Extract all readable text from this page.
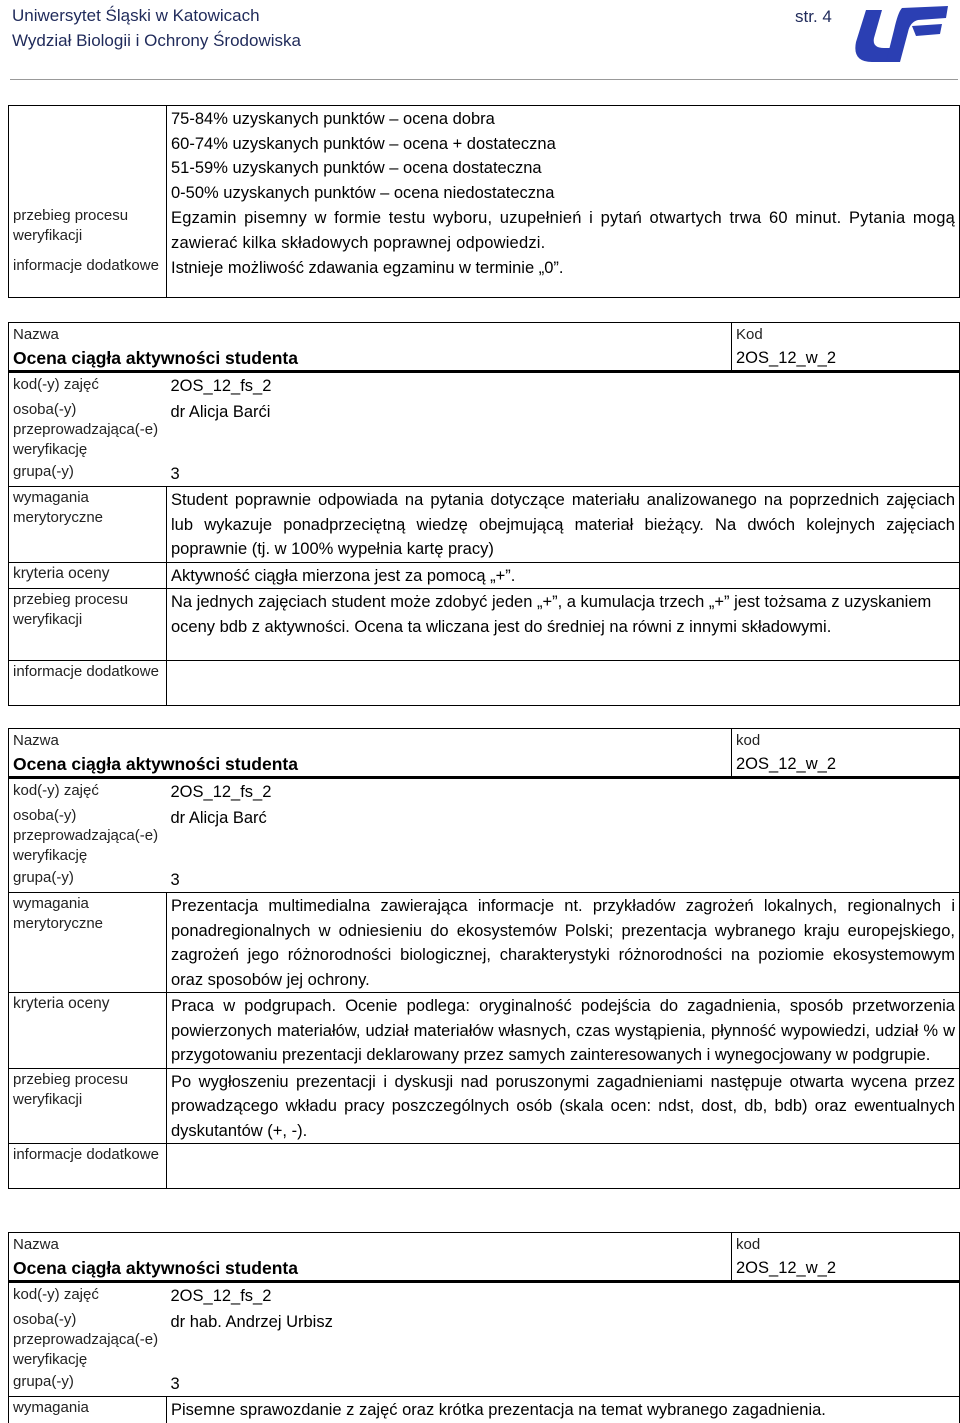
Uniwersytet Śląski w Katowicach
Wydział Biologii i Ochrony Środowiska
str. 4

	75-84% uzyskanych punktów – ocena dobra
60-74% uzyskanych punktów – ocena + dostateczna
51-59% uzyskanych punktów – ocena dostateczna
0-50% uzyskanych punktów – ocena niedostateczna

przebieg procesu weryfikacji	Egzamin pisemny w formie testu wyboru, uzupełnień i pytań otwartych trwa 60 minut. Pytania mogą zawierać kilka składowych poprawnej odpowiedzi.
informacje dodatkowe	Istnieje możliwość zdawania egzaminu w terminie „0”.
Nazwa		Kod
Ocena ciągła aktywności studenta		2OS_12_w_2
kod(-y) zajęć	2OS_12_fs_2	
osoba(-y) przeprowadzająca(-e) weryfikację	dr Alicja Barći	
grupa(-y)	3	
wymagania merytoryczne	Student poprawnie odpowiada na pytania dotyczące materiału analizowanego na poprzednich zajęciach lub wykazuje ponadprzeciętną wiedzę obejmującą materiał bieżący. Na dwóch kolejnych zajęciach poprawnie (tj. w 100% wypełnia kartę pracy)	
kryteria oceny	Aktywność ciągła mierzona jest za pomocą „+”.	
przebieg procesu weryfikacji	Na jednych zajęciach student może zdobyć jeden „+”, a kumulacja trzech „+” jest tożsama z uzyskaniem oceny bdb z aktywności. Ocena ta wliczana jest do średniej na równi z innymi składowymi.	
informacje dodatkowe		
Nazwa		kod
Ocena ciągła aktywności studenta		2OS_12_w_2
kod(-y) zajęć	2OS_12_fs_2	
osoba(-y) przeprowadzająca(-e) weryfikację	dr Alicja Barć	
grupa(-y)	3	
wymagania merytoryczne	Prezentacja multimedialna zawierająca informacje nt. przykładów zagrożeń lokalnych, regionalnych i ponadregionalnych w odniesieniu do ekosystemów Polski; prezentacja wybranego kraju europejskiego, zagrożeń jego różnorodności biologicznej, charakterystyki różnorodności na poziomie ekosystemowym oraz sposobów jej ochrony.	
kryteria oceny	Praca w podgrupach. Ocenie podlega: oryginalność podejścia do zagadnienia, sposób przetworzenia powierzonych materiałów, udział materiałów własnych, czas wystąpienia, płynność wypowiedzi, udział % w przygotowaniu prezentacji deklarowany przez samych zainteresowanych i wynegocjowany w podgrupie.	
przebieg procesu weryfikacji	Po wygłoszeniu prezentacji i dyskusji nad poruszonymi zagadnieniami następuje otwarta wycena przez prowadzącego wkładu pracy poszczególnych osób (skala ocen: ndst, dost, db, bdb) oraz ewentualnych dyskutantów (+, -).	
informacje dodatkowe		
Nazwa		kod
Ocena ciągła aktywności studenta		2OS_12_w_2
kod(-y) zajęć	2OS_12_fs_2	
osoba(-y) przeprowadzająca(-e) weryfikację	dr hab. Andrzej Urbisz	
grupa(-y)	3	
wymagania	Pisemne sprawozdanie z zajęć oraz krótka prezentacja na temat wybranego zagadnienia.	
